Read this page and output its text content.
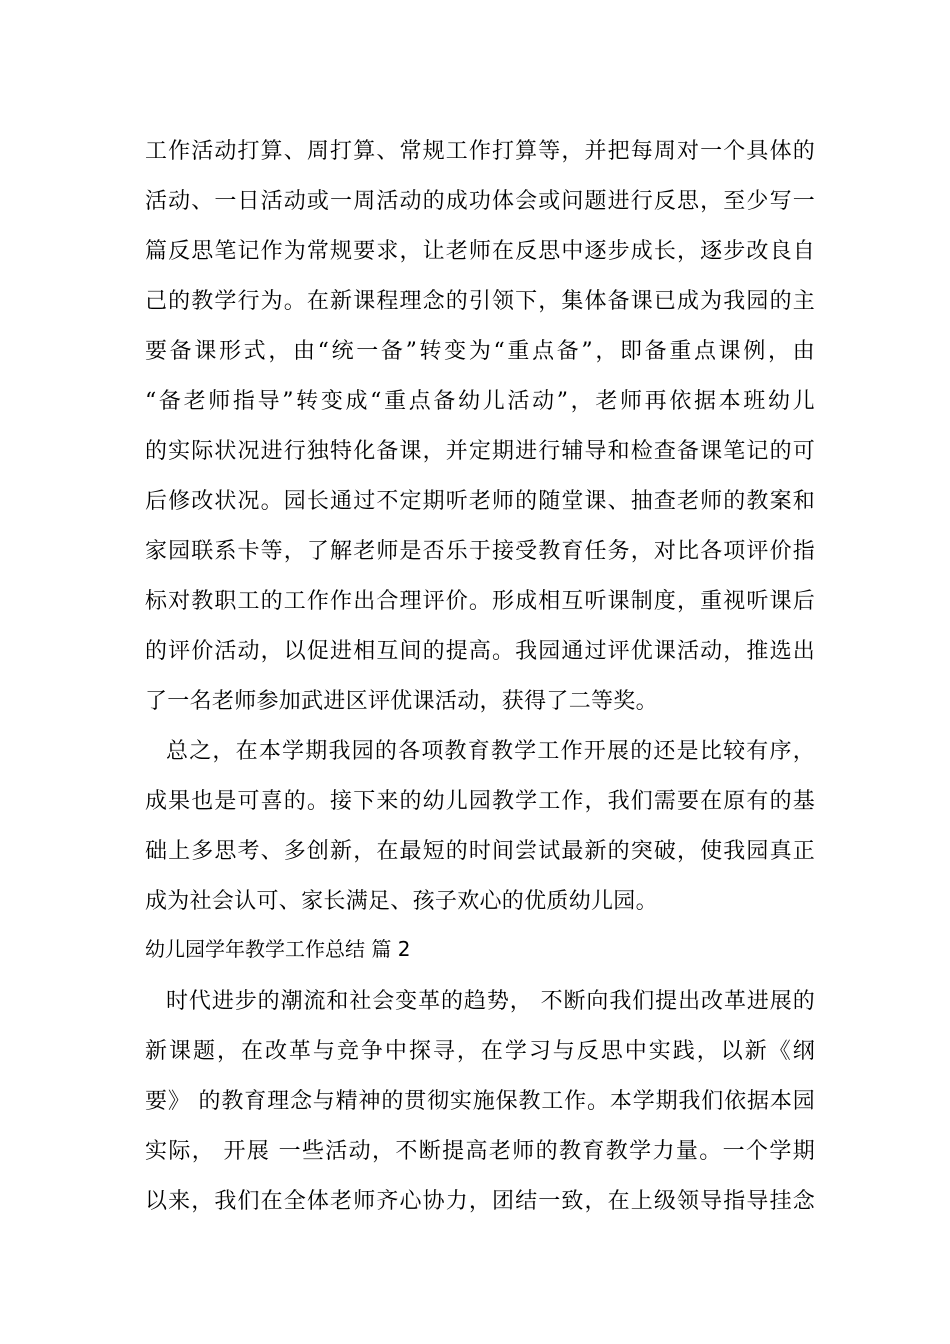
工作活动打算、周打算、常规工作打算等，并把每周对一个具体的
活动、一日活动或一周活动的成功体会或问题进行反思，至少写一
篇反思笔记作为常规要求，让老师在反思中逐步成长，逐步改良自
己的教学行为。在新课程理念的引领下，集体备课已成为我园的主
要备课形式，由“统一备”转变为“重点备”，即备重点课例，由
“备老师指导”转变成“重点备幼儿活动”，老师再依据本班幼儿
的实际状况进行独特化备课，并定期进行辅导和检查备课笔记的可
后修改状况。园长通过不定期听老师的随堂课、抽查老师的教案和
家园联系卡等，了解老师是否乐于接受教育任务，对比各项评价指
标对教职工的工作作出合理评价。形成相互听课制度，重视听课后
的评价活动，以促进相互间的提高。我园通过评优课活动，推选出
了一名老师参加武进区评优课活动，获得了二等奖。
总之，在本学期我园的各项教育教学工作开展的还是比较有序，
成果也是可喜的。接下来的幼儿园教学工作，我们需要在原有的基
础上多思考、多创新，在最短的时间尝试最新的突破，使我园真正
成为社会认可、家长满足、孩子欢心的优质幼儿园。
幼儿园学年教学工作总结 篇 2
时代进步的潮流和社会变革的趋势， 不断向我们提出改革进展的
新课题，在改革与竞争中探寻，在学习与反思中实践，以新《纲
要》 的教育理念与精神的贯彻实施保教工作。本学期我们依据本园
实际， 开展 一些活动，不断提高老师的教育教学力量。一个学期
以来，我们在全体老师齐心协力，团结一致，在上级领导指导挂念
